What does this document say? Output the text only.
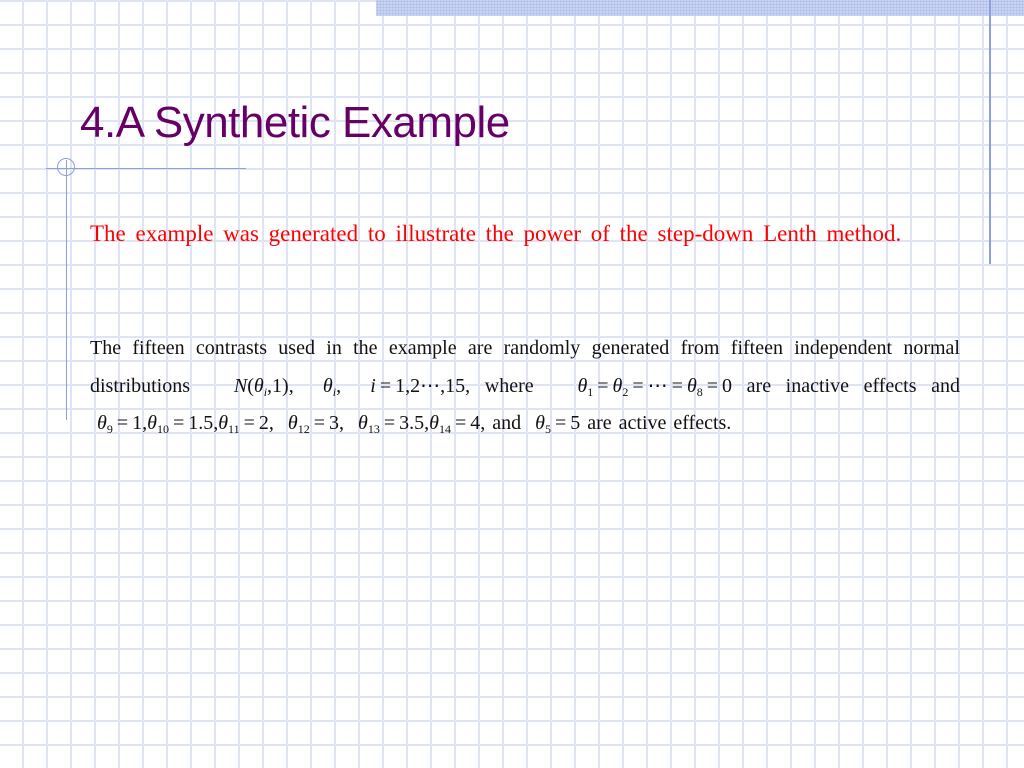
4.A Synthetic Example

The example was generated to illustrate the power of the step-down Lenth method.

The fifteen contrasts used in the example are randomly generated from fifteen independent normal distributions $N(\theta_i,1)$,  $\theta_i$,  i = 1,2⋯,15, where $\theta_1 = \theta_2$ = ⋯ = $\theta_8 = 0$ are inactive effects and  $\theta_9 = 1,\theta_{10} = 1.5,\theta_{11} = 2$,  $\theta_{12} = 3$,  $\theta_{13} = 3.5,\theta_{14} = 4$, and $\theta_5 = 5$ are active effects.
